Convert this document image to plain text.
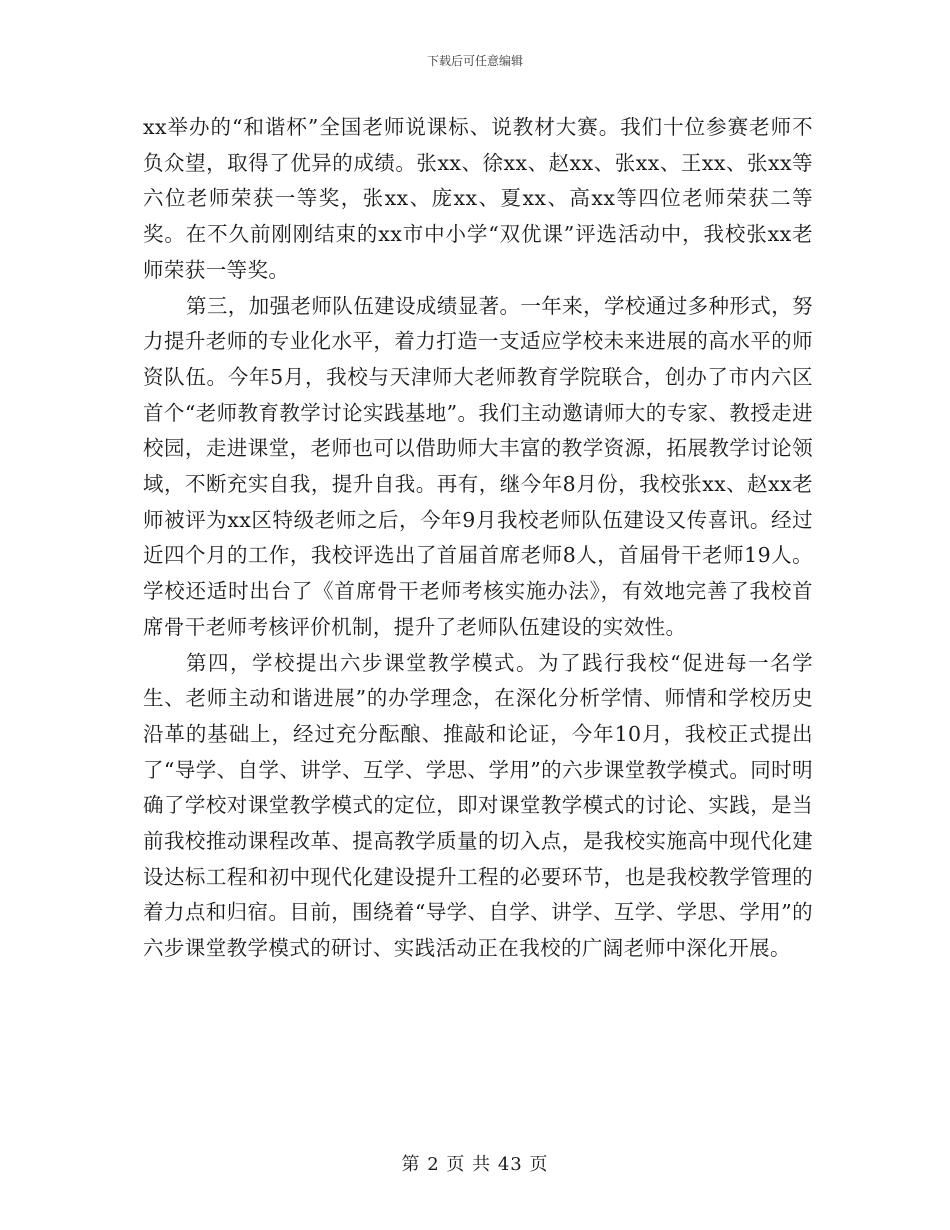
下载后可任意编辑

xx举办的“和谐杯”全国老师说课标、说教材大赛。我们十位参赛老师不负众望，取得了优异的成绩。张xx、徐xx、赵xx、张xx、王xx、张xx等六位老师荣获一等奖，张xx、庞xx、夏xx、高xx等四位老师荣获二等奖。在不久前刚刚结束的xx市中小学“双优课”评选活动中，我校张xx老师荣获一等奖。

第三，加强老师队伍建设成绩显著。一年来，学校通过多种形式，努力提升老师的专业化水平，着力打造一支适应学校未来进展的高水平的师资队伍。今年5月，我校与天津师大老师教育学院联合，创办了市内六区首个“老师教育教学讨论实践基地”。我们主动邀请师大的专家、教授走进校园，走进课堂，老师也可以借助师大丰富的教学资源，拓展教学讨论领域，不断充实自我，提升自我。再有，继今年8月份，我校张xx、赵xx老师被评为xx区特级老师之后，今年9月我校老师队伍建设又传喜讯。经过近四个月的工作，我校评选出了首届首席老师8人，首届骨干老师19人。学校还适时出台了《首席骨干老师考核实施办法》，有效地完善了我校首席骨干老师考核评价机制，提升了老师队伍建设的实效性。

第四，学校提出六步课堂教学模式。为了践行我校“促进每一名学生、老师主动和谐进展”的办学理念，在深化分析学情、师情和学校历史沿革的基础上，经过充分酝酿、推敲和论证，今年10月，我校正式提出了“导学、自学、讲学、互学、学思、学用”的六步课堂教学模式。同时明确了学校对课堂教学模式的定位，即对课堂教学模式的讨论、实践，是当前我校推动课程改革、提高教学质量的切入点，是我校实施高中现代化建设达标工程和初中现代化建设提升工程的必要环节，也是我校教学管理的着力点和归宿。目前，围绕着“导学、自学、讲学、互学、学思、学用”的六步课堂教学模式的研讨、实践活动正在我校的广阔老师中深化开展。

第 2 页 共 43 页
